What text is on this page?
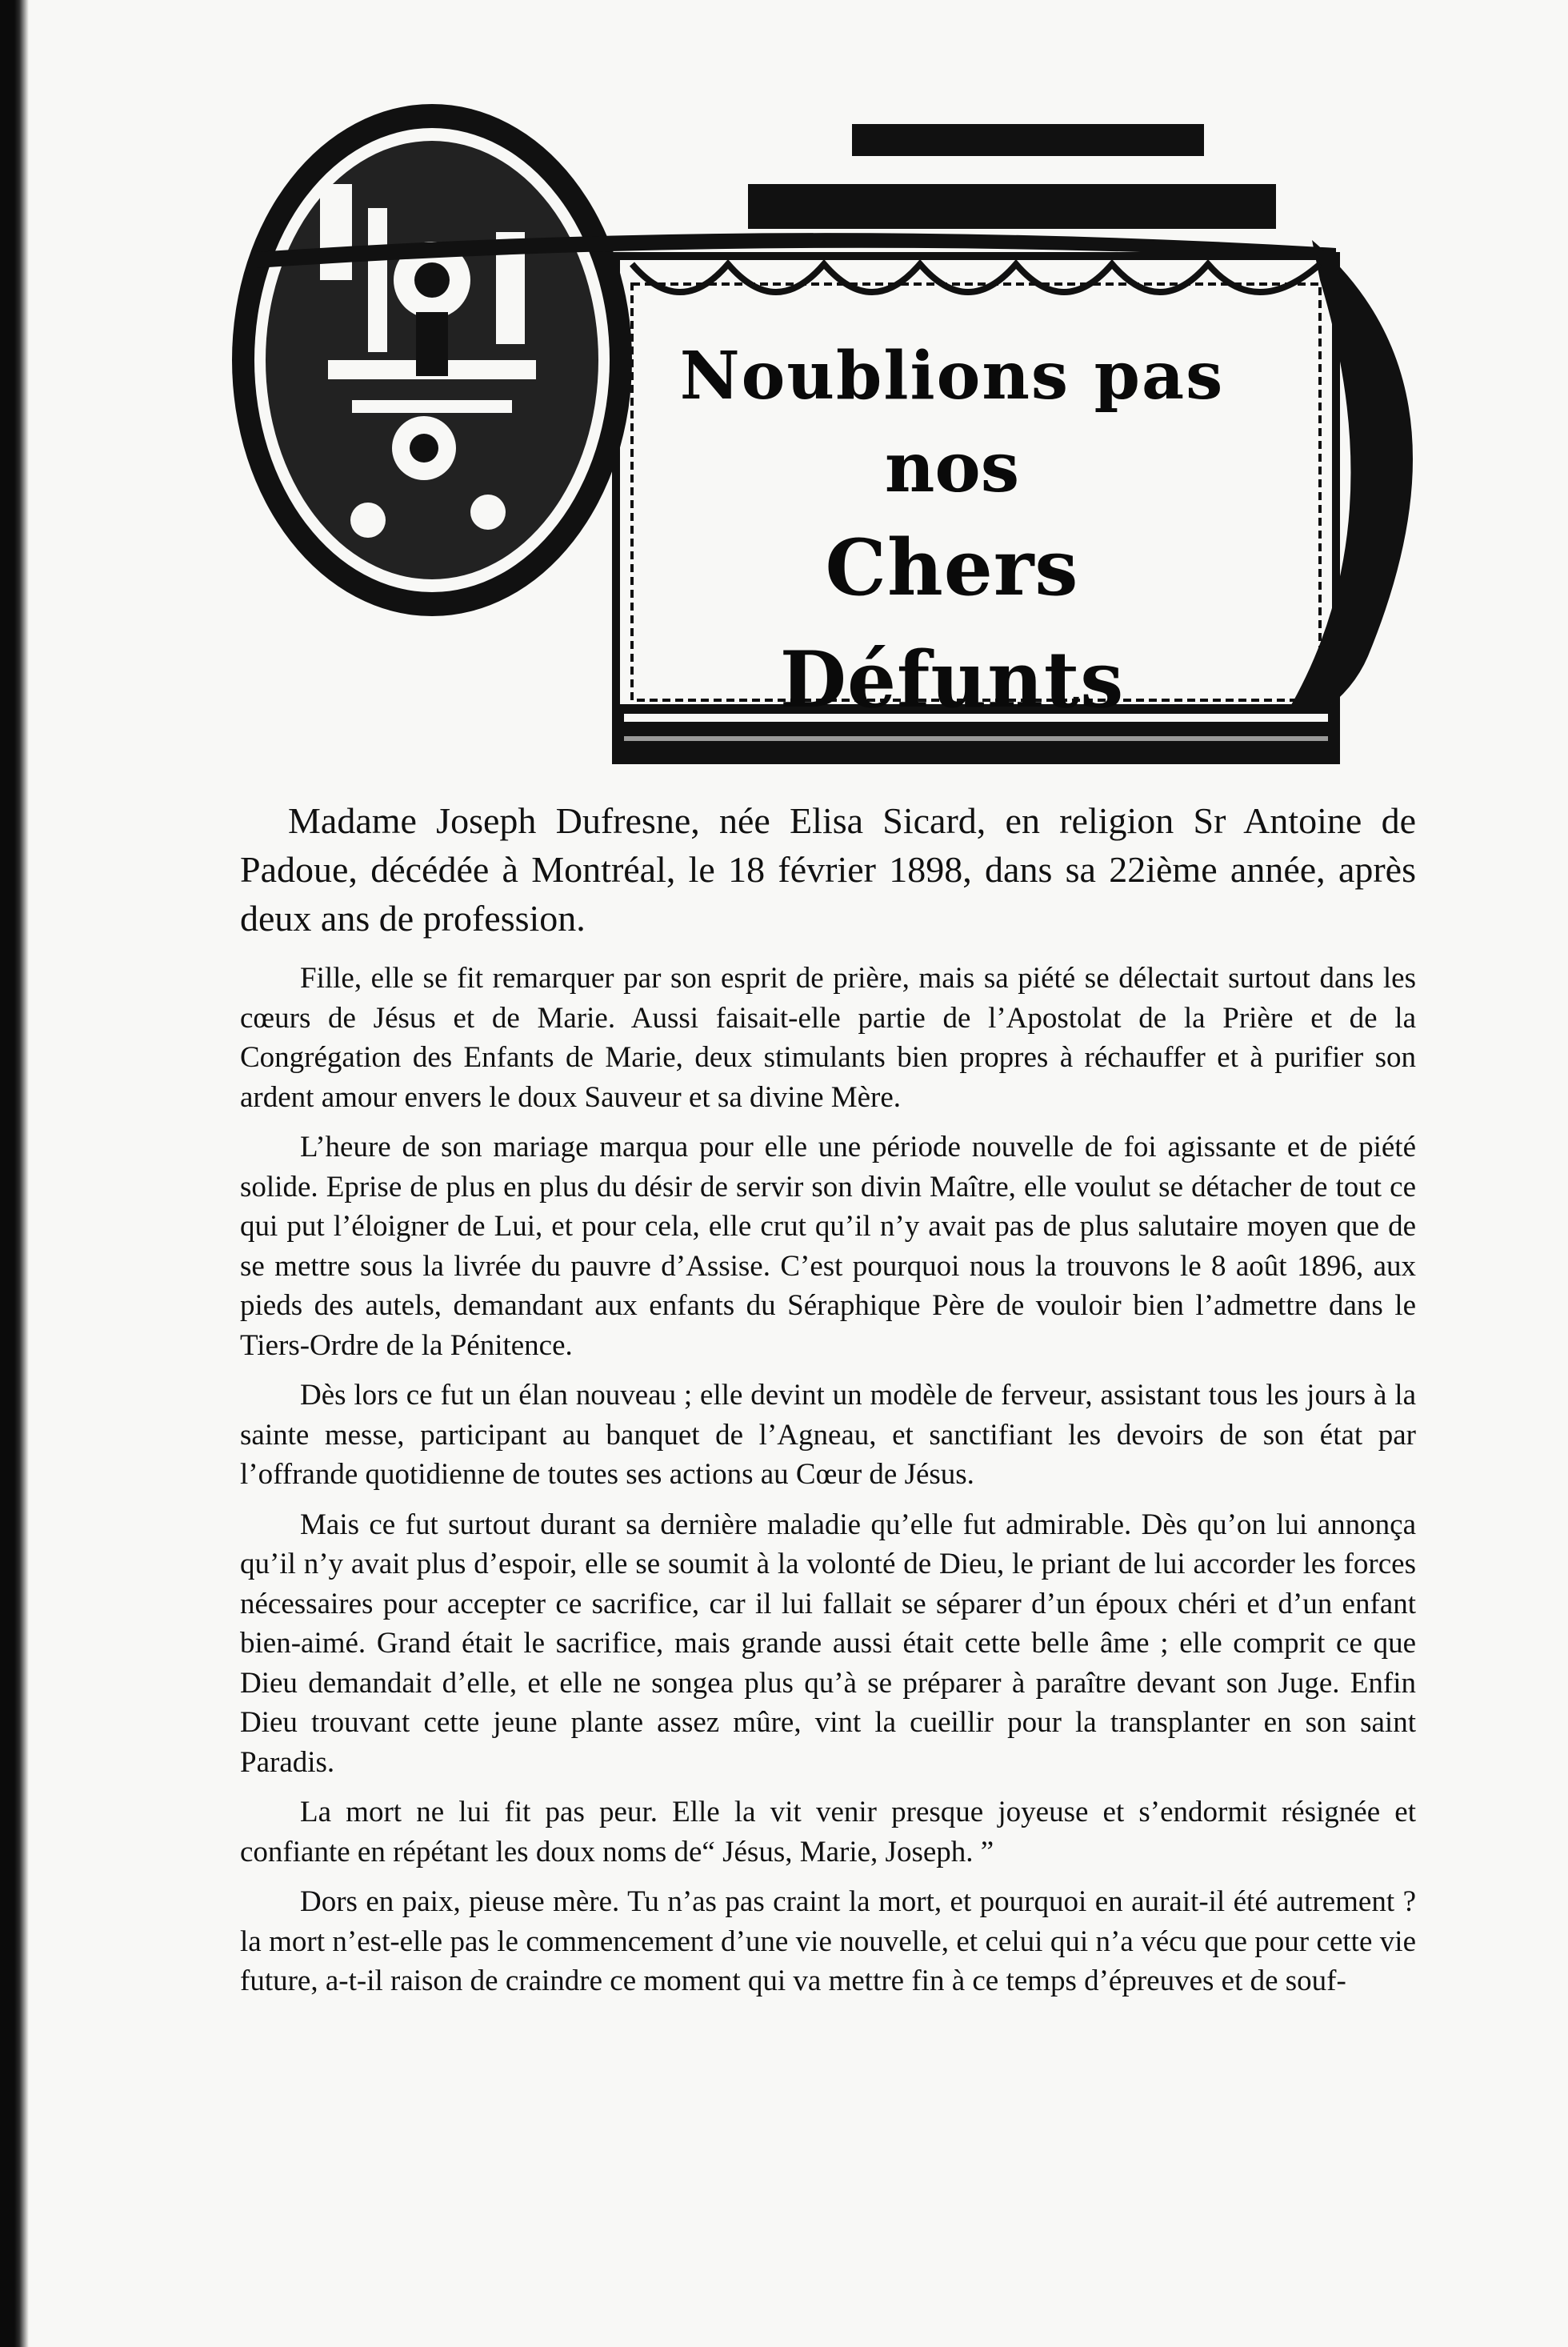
Noublions pas
nos
Chers Défunts

Madame Joseph Dufresne, née Elisa Sicard, en religion Sr Antoine de Padoue, décédée à Montréal, le 18 février 1898, dans sa 22ième année, après deux ans de profession.

Fille, elle se fit remarquer par son esprit de prière, mais sa piété se délectait surtout dans les cœurs de Jésus et de Marie. Aussi faisait-elle partie de l’Apostolat de la Prière et de la Congrégation des Enfants de Marie, deux stimulants bien propres à réchauffer et à purifier son ardent amour envers le doux Sauveur et sa divine Mère.

L’heure de son mariage marqua pour elle une période nouvelle de foi agissante et de piété solide. Eprise de plus en plus du désir de servir son divin Maître, elle voulut se détacher de tout ce qui put l’éloigner de Lui, et pour cela, elle crut qu’il n’y avait pas de plus salutaire moyen que de se mettre sous la livrée du pauvre d’Assise. C’est pourquoi nous la trouvons le 8 août 1896, aux pieds des autels, demandant aux enfants du Séraphique Père de vouloir bien l’admettre dans le Tiers-Ordre de la Pénitence.

Dès lors ce fut un élan nouveau ; elle devint un modèle de ferveur, assistant tous les jours à la sainte messe, participant au banquet de l’Agneau, et sanctifiant les devoirs de son état par l’offrande quotidienne de toutes ses actions au Cœur de Jésus.

Mais ce fut surtout durant sa dernière maladie qu’elle fut admirable. Dès qu’on lui annonça qu’il n’y avait plus d’espoir, elle se soumit à la volonté de Dieu, le priant de lui accorder les forces nécessaires pour accepter ce sacrifice, car il lui fallait se séparer d’un époux chéri et d’un enfant bien-aimé. Grand était le sacrifice, mais grande aussi était cette belle âme ; elle comprit ce que Dieu demandait d’elle, et elle ne songea plus qu’à se préparer à paraître devant son Juge. Enfin Dieu trouvant cette jeune plante assez mûre, vint la cueillir pour la transplanter en son saint Paradis.

La mort ne lui fit pas peur. Elle la vit venir presque joyeuse et s’endormit résignée et confiante en répétant les doux noms de“ Jésus, Marie, Joseph. ”

Dors en paix, pieuse mère. Tu n’as pas craint la mort, et pourquoi en aurait-il été autrement ? la mort n’est-elle pas le commencement d’une vie nouvelle, et celui qui n’a vécu que pour cette vie future, a-t-il raison de craindre ce moment qui va mettre fin à ce temps d’épreuves et de souf-
